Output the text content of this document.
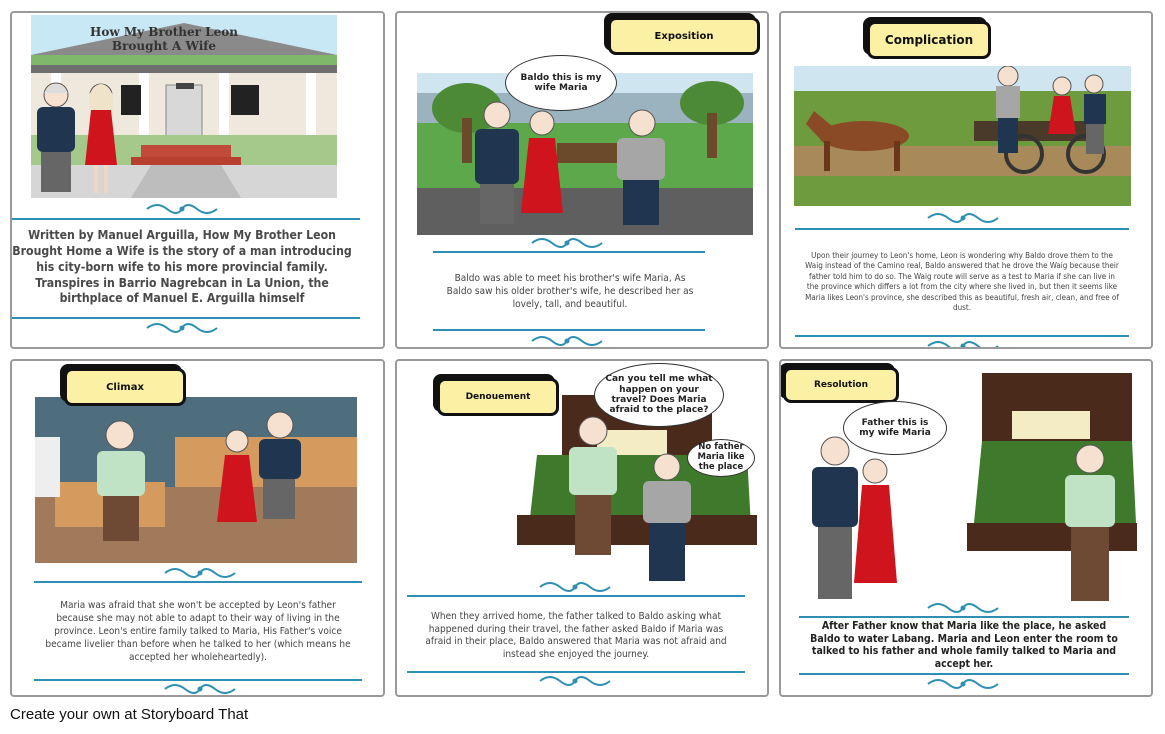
How My Brother Leon Brought A Wife
Written by Manuel Arguilla, How My Brother Leon Brought Home a Wife is the story of a man introducing his city-born wife to his more provincial family. Transpires in Barrio Nagrebcan in La Union, the birthplace of Manuel E. Arguilla himself
Baldo this is my wife Maria
Exposition
Baldo was able to meet his brother's wife Maria, As Baldo saw his older brother's wife, he described her as lovely, tall, and beautiful.
Complication
Upon their journey to Leon's home, Leon is wondering why Baldo drove them to the Waig instead of the Camino real, Baldo answered that he drove the Waig because their father told him to do so. The Waig route will serve as a test to Maria if she can live in the province which differs a lot from the city where she lived in, but then it seems like Maria likes Leon's province, she described this as beautiful, fresh air, clean, and free of dust.
Climax
Maria was afraid that she won't be accepted by Leon's father because she may not able to adapt to their way of living in the province. Leon's entire family talked to Maria, His Father's voice became livelier than before when he talked to her (which means he accepted her wholeheartedly).
Denouement
Can you tell me what happen on your travel? Does Maria afraid to the place?
No father Maria like the place
When they arrived home, the father talked to Baldo asking what happened during their travel, the father asked Baldo if Maria was afraid in their place, Baldo answered that Maria was not afraid and instead she enjoyed the journey.
Resolution
Father this is my wife Maria
After Father know that Maria like the place, he asked Baldo to water Labang. Maria and Leon enter the room to talked to his father and whole family talked to Maria and accept her.
Create your own at Storyboard That
